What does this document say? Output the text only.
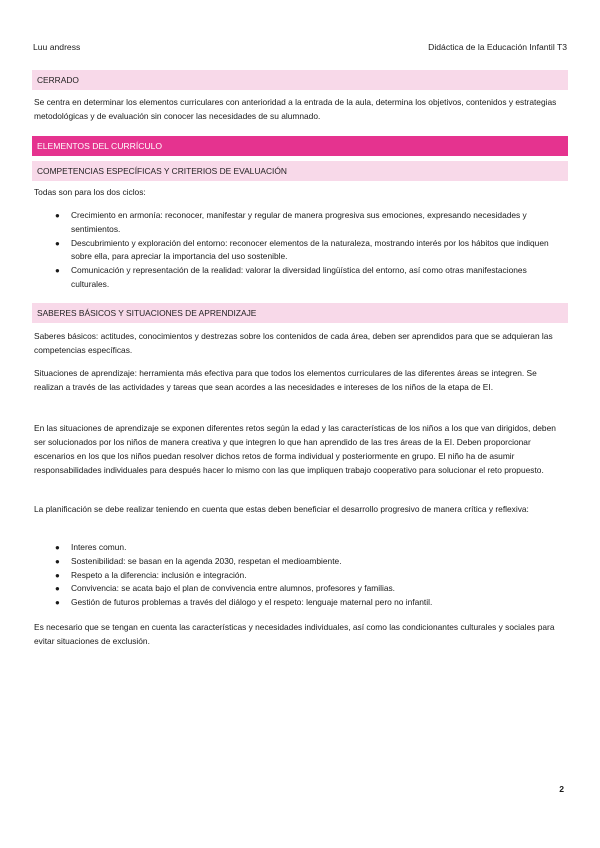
Luu andress	Didáctica de la Educación Infantil T3
CERRADO

Se centra en determinar los elementos curriculares con anterioridad a la entrada de la aula, determina los objetivos, contenidos y estrategias metodológicas y de evaluación sin conocer las necesidades de su alumnado.

ELEMENTOS DEL CURRÍCULO
COMPETENCIAS ESPECÍFICAS Y CRITERIOS DE EVALUACIÓN

Todas son para los dos ciclos:

● Crecimiento en armonía: reconocer, manifestar y regular de manera progresiva sus emociones, expresando necesidades y sentimientos.
● Descubrimiento y exploración del entorno: reconocer elementos de la naturaleza, mostrando interés por los hábitos que indiquen sobre ella, para apreciar la importancia del uso sostenible.
● Comunicación y representación de la realidad: valorar la diversidad lingüística del entorno, así como otras manifestaciones culturales.
SABERES BÁSICOS Y SITUACIONES DE APRENDIZAJE

Saberes básicos: actitudes, conocimientos y destrezas sobre los contenidos de cada área, deben ser aprendidos para que se adquieran las competencias específicas.

Situaciones de aprendizaje: herramienta más efectiva para que todos los elementos curriculares de las diferentes áreas se integren. Se realizan a través de las actividades y tareas que sean acordes a las necesidades e intereses de los niños de la etapa de EI.

En las situaciones de aprendizaje se exponen diferentes retos según la edad y las características de los niños a los que van dirigidos, deben ser solucionados por los niños de manera creativa y que integren lo que han aprendido de las tres áreas de la EI. Deben proporcionar escenarios en los que los niños puedan resolver dichos retos de forma individual y posteriormente en grupo. El niño ha de asumir responsabilidades individuales para después hacer lo mismo con las que impliquen trabajo cooperativo para solucionar el reto propuesto.

La planificación se debe realizar teniendo en cuenta que estas deben beneficiar el desarrollo progresivo de manera crítica y reflexiva:

● Interes comun.
● Sostenibilidad: se basan en la agenda 2030, respetan el medioambiente.
● Respeto a la diferencia: inclusión e integración.
● Convivencia: se acata bajo el plan de convivencia entre alumnos, profesores y familias.
● Gestión de futuros problemas a través del diálogo y el respeto: lenguaje maternal pero no infantil.

Es necesario que se tengan en cuenta las características y necesidades individuales, así como las condicionantes culturales y sociales para evitar situaciones de exclusión.

2
